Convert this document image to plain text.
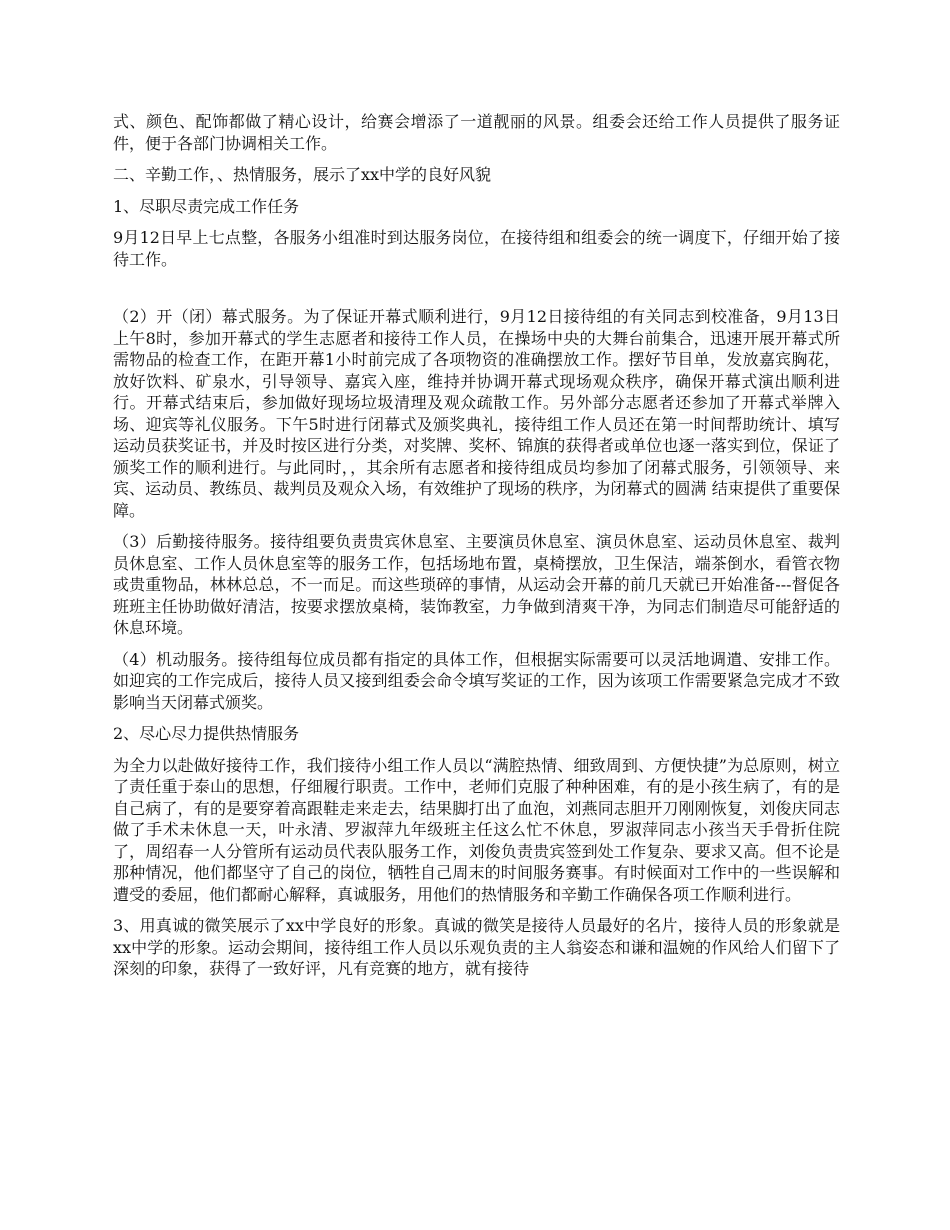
式、颜色、配饰都做了精心设计，给赛会增添了一道靓丽的风景。组委会还给工作人员提供了服务证件，便于各部门协调相关工作。

二、辛勤工作，、热情服务，展示了xx中学的良好风貌

1、尽职尽责完成工作任务

9月12日早上七点整，各服务小组准时到达服务岗位，在接待组和组委会的统一调度下，仔细开始了接待工作。

（2）开（闭）幕式服务。为了保证开幕式顺利进行，9月12日接待组的有关同志到校准备，9月13日上午8时，参加开幕式的学生志愿者和接待工作人员，在操场中央的大舞台前集合，迅速开展开幕式所需物品的检查工作，在距开幕1小时前完成了各项物资的准确摆放工作。摆好节目单，发放嘉宾胸花，放好饮料、矿泉水，引导领导、嘉宾入座，维持并协调开幕式现场观众秩序，确保开幕式演出顺利进行。开幕式结束后，参加做好现场垃圾清理及观众疏散工作。另外部分志愿者还参加了开幕式举牌入场、迎宾等礼仪服务。下午5时进行闭幕式及颁奖典礼，接待组工作人员还在第一时间帮助统计、填写运动员获奖证书，并及时按区进行分类，对奖牌、奖杯、锦旗的获得者或单位也逐一落实到位，保证了颁奖工作的顺利进行。与此同时，，其余所有志愿者和接待组成员均参加了闭幕式服务，引领领导、来宾、运动员、教练员、裁判员及观众入场，有效维护了现场的秩序，为闭幕式的圆满 结束提供了重要保障。

（3）后勤接待服务。接待组要负责贵宾休息室、主要演员休息室、演员休息室、运动员休息室、裁判员休息室、工作人员休息室等的服务工作，包括场地布置，桌椅摆放，卫生保洁，端茶倒水，看管衣物或贵重物品，林林总总，不一而足。而这些琐碎的事情，从运动会开幕的前几天就已开始准备---督促各班班主任协助做好清洁，按要求摆放桌椅，装饰教室，力争做到清爽干净，为同志们制造尽可能舒适的休息环境。

（4）机动服务。接待组每位成员都有指定的具体工作，但根据实际需要可以灵活地调遣、安排工作。如迎宾的工作完成后，接待人员又接到组委会命令填写奖证的工作，因为该项工作需要紧急完成才不致影响当天闭幕式颁奖。

2、尽心尽力提供热情服务

为全力以赴做好接待工作，我们接待小组工作人员以“满腔热情、细致周到、方便快捷”为总原则，树立了责任重于泰山的思想，仔细履行职责。工作中，老师们克服了种种困难，有的是小孩生病了，有的是自己病了，有的是要穿着高跟鞋走来走去，结果脚打出了血泡，刘燕同志胆开刀刚刚恢复，刘俊庆同志做了手术未休息一天，叶永清、罗淑萍九年级班主任这么忙不休息，罗淑萍同志小孩当天手骨折住院了，周绍春一人分管所有运动员代表队服务工作，刘俊负责贵宾签到处工作复杂、要求又高。但不论是那种情况，他们都坚守了自己的岗位，牺牲自己周末的时间服务赛事。有时候面对工作中的一些误解和遭受的委屈，他们都耐心解释，真诚服务，用他们的热情服务和辛勤工作确保各项工作顺利进行。

3、用真诚的微笑展示了xx中学良好的形象。真诚的微笑是接待人员最好的名片，接待人员的形象就是xx中学的形象。运动会期间，接待组工作人员以乐观负责的主人翁姿态和谦和温婉的作风给人们留下了深刻的印象，获得了一致好评，凡有竞赛的地方，就有接待
